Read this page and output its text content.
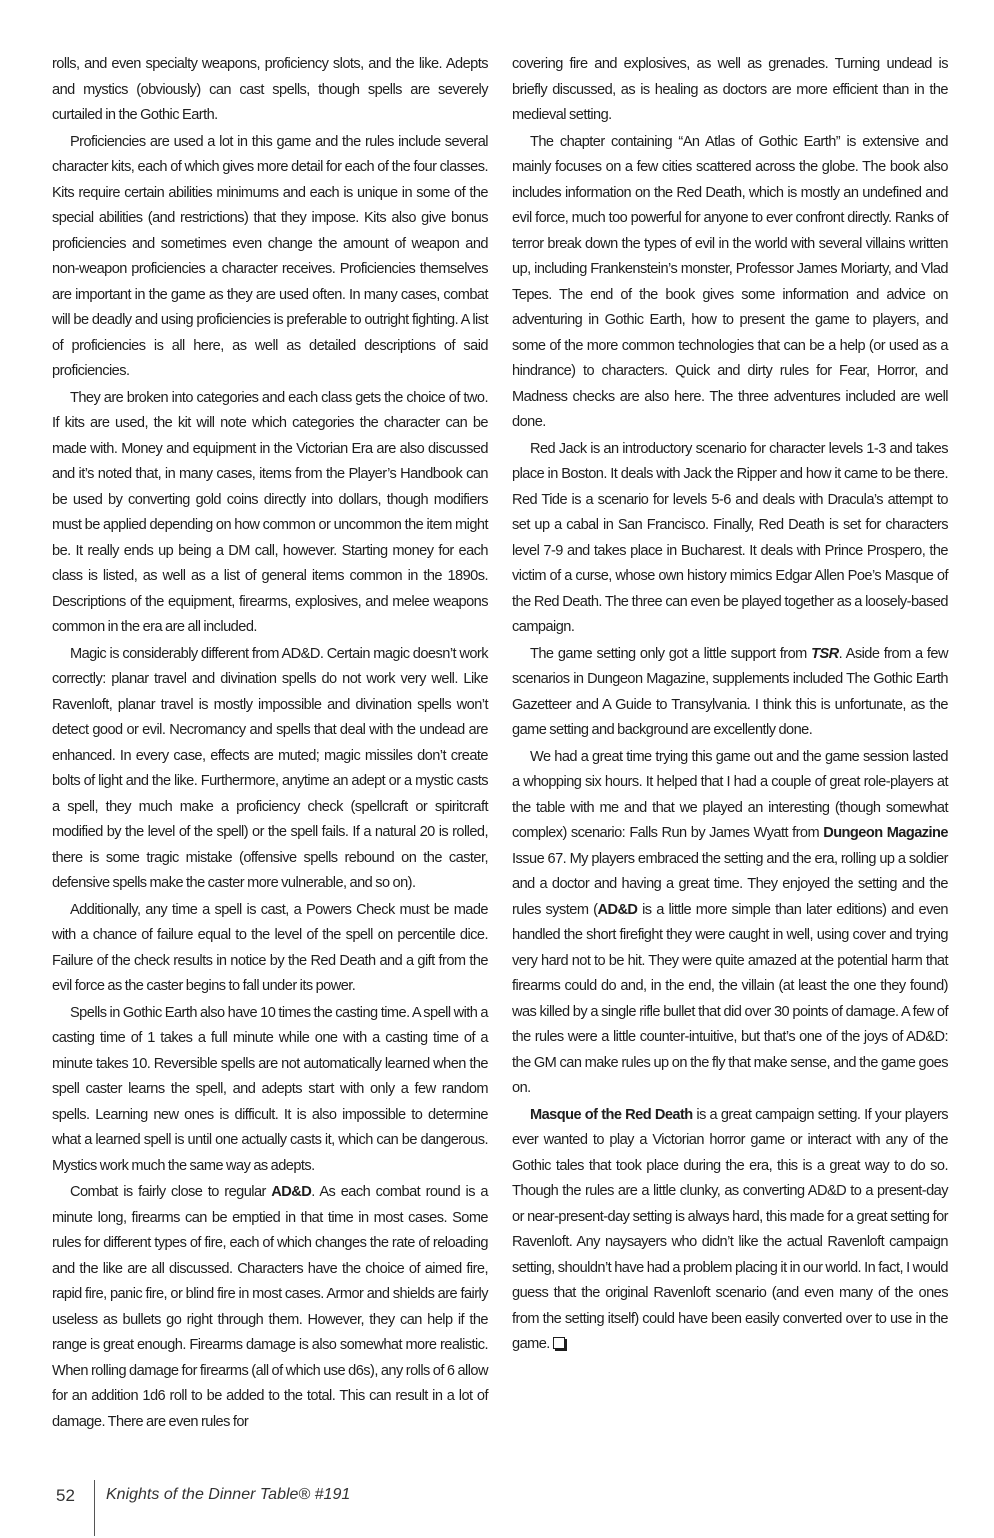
rolls, and even specialty weapons, proficiency slots, and the like. Adepts and mystics (obviously) can cast spells, though spells are severely curtailed in the Gothic Earth.

Proficiencies are used a lot in this game and the rules include several character kits, each of which gives more detail for each of the four classes. Kits require certain abilities minimums and each is unique in some of the special abilities (and restrictions) that they impose. Kits also give bonus proficiencies and sometimes even change the amount of weapon and non-weapon proficiencies a character receives. Proficiencies themselves are important in the game as they are used often. In many cases, combat will be deadly and using proficiencies is preferable to outright fighting. A list of proficiencies is all here, as well as detailed descriptions of said proficiencies.

They are broken into categories and each class gets the choice of two. If kits are used, the kit will note which categories the character can be made with. Money and equipment in the Victorian Era are also discussed and it’s noted that, in many cases, items from the Player’s Handbook can be used by converting gold coins directly into dollars, though modifiers must be applied depending on how common or uncommon the item might be. It really ends up being a DM call, however. Starting money for each class is listed, as well as a list of general items common in the 1890s. Descriptions of the equipment, firearms, explosives, and melee weapons common in the era are all included.

Magic is considerably different from AD&D. Certain magic doesn’t work correctly: planar travel and divination spells do not work very well. Like Ravenloft, planar travel is mostly impossible and divination spells won’t detect good or evil. Necromancy and spells that deal with the undead are enhanced. In every case, effects are muted; magic missiles don’t create bolts of light and the like. Furthermore, anytime an adept or a mystic casts a spell, they much make a proficiency check (spellcraft or spiritcraft modified by the level of the spell) or the spell fails. If a natural 20 is rolled, there is some tragic mistake (offensive spells rebound on the caster, defensive spells make the caster more vulnerable, and so on).

Additionally, any time a spell is cast, a Powers Check must be made with a chance of failure equal to the level of the spell on percentile dice. Failure of the check results in notice by the Red Death and a gift from the evil force as the caster begins to fall under its power.

Spells in Gothic Earth also have 10 times the casting time. A spell with a casting time of 1 takes a full minute while one with a casting time of a minute takes 10. Reversible spells are not automatically learned when the spell caster learns the spell, and adepts start with only a few random spells. Learning new ones is difficult. It is also impossible to determine what a learned spell is until one actually casts it, which can be dangerous. Mystics work much the same way as adepts.

Combat is fairly close to regular AD&D. As each combat round is a minute long, firearms can be emptied in that time in most cases. Some rules for different types of fire, each of which changes the rate of reloading and the like are all discussed. Characters have the choice of aimed fire, rapid fire, panic fire, or blind fire in most cases. Armor and shields are fairly useless as bullets go right through them. However, they can help if the range is great enough. Firearms damage is also somewhat more realistic. When rolling damage for firearms (all of which use d6s), any rolls of 6 allow for an addition 1d6 roll to be added to the total. This can result in a lot of damage. There are even rules for

covering fire and explosives, as well as grenades. Turning undead is briefly discussed, as is healing as doctors are more efficient than in the medieval setting.

The chapter containing “An Atlas of Gothic Earth” is extensive and mainly focuses on a few cities scattered across the globe. The book also includes information on the Red Death, which is mostly an undefined and evil force, much too powerful for anyone to ever confront directly. Ranks of terror break down the types of evil in the world with several villains written up, including Frankenstein’s monster, Professor James Moriarty, and Vlad Tepes. The end of the book gives some information and advice on adventuring in Gothic Earth, how to present the game to players, and some of the more common technologies that can be a help (or used as a hindrance) to characters. Quick and dirty rules for Fear, Horror, and Madness checks are also here. The three adventures included are well done.

Red Jack is an introductory scenario for character levels 1-3 and takes place in Boston. It deals with Jack the Ripper and how it came to be there. Red Tide is a scenario for levels 5-6 and deals with Dracula’s attempt to set up a cabal in San Francisco. Finally, Red Death is set for characters level 7-9 and takes place in Bucharest. It deals with Prince Prospero, the victim of a curse, whose own history mimics Edgar Allen Poe’s Masque of the Red Death. The three can even be played together as a loosely-based campaign.

The game setting only got a little support from TSR. Aside from a few scenarios in Dungeon Magazine, supplements included The Gothic Earth Gazetteer and A Guide to Transylvania. I think this is unfortunate, as the game setting and background are excellently done.

We had a great time trying this game out and the game session lasted a whopping six hours. It helped that I had a couple of great role-players at the table with me and that we played an interesting (though somewhat complex) scenario: Falls Run by James Wyatt from Dungeon Magazine Issue 67. My players embraced the setting and the era, rolling up a soldier and a doctor and having a great time. They enjoyed the setting and the rules system (AD&D is a little more simple than later editions) and even handled the short firefight they were caught in well, using cover and trying very hard not to be hit. They were quite amazed at the potential harm that firearms could do and, in the end, the villain (at least the one they found) was killed by a single rifle bullet that did over 30 points of damage. A few of the rules were a little counter-intuitive, but that’s one of the joys of AD&D: the GM can make rules up on the fly that make sense, and the game goes on.

Masque of the Red Death is a great campaign setting. If your players ever wanted to play a Victorian horror game or interact with any of the Gothic tales that took place during the era, this is a great way to do so. Though the rules are a little clunky, as converting AD&D to a present-day or near-present-day setting is always hard, this made for a great setting for Ravenloft. Any naysayers who didn’t like the actual Ravenloft campaign setting, shouldn’t have had a problem placing it in our world. In fact, I would guess that the original Ravenloft scenario (and even many of the ones from the setting itself) could have been easily converted over to use in the game.

52 Knights of the Dinner Table® #191
